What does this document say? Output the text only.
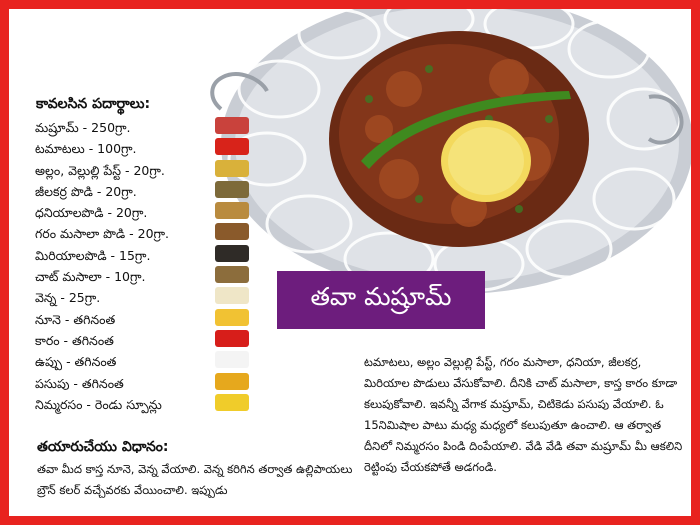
కావలసిన పదార్థాలు:
మష్రూమ్ - 250గ్రా.
టమాటలు - 100గ్రా.
అల్లం, వెల్లుల్లి పేస్ట్ - 20గ్రా.
జీలకర్ర పొడి - 20గ్రా.
ధనియాలపొడి - 20గ్రా.
గరం మసాలా పొడి - 20గ్రా.
మిరియాలపొడి - 15గ్రా.
చాట్ మసాలా - 10గ్రా.
వెన్న - 25గ్రా.
నూనె - తగినంత
కారం - తగినంత
ఉప్పు - తగినంత
పసుపు - తగినంత
నిమ్మరసం - రెండు స్పూన్లు
తవా మష్రూమ్
టమాటలు, అల్లం వెల్లుల్లి పేస్ట్, గరం మసాలా, ధనియా, జీలకర్ర, మిరియాల పొడులు వేసుకోవాలి. దీనికి చాట్ మసాలా, కాస్త కారం కూడా కలుపుకోవాలి. ఇవన్నీ వేగాక మష్రూమ్, చిటికెడు పసుపు వేయాలి. ఓ 15నిమిషాల పాటు మధ్య మధ్యలో కలుపుతూ ఉంచాలి. ఆ తర్వాత దీనిలో నిమ్మరసం పిండి దింపేయాలి. వేడి వేడి తవా మష్రూమ్ మీ ఆకలిని రెట్టింపు చేయకపోతే అడగండి.
తయారుచేయు విధానం:
తవా మీద కాస్త నూనె, వెన్న వేయాలి. వెన్న కరిగిన తర్వాత ఉల్లిపాయలు బ్రౌన్ కలర్ వచ్చేవరకు వేయించాలి. ఇప్పుడు
